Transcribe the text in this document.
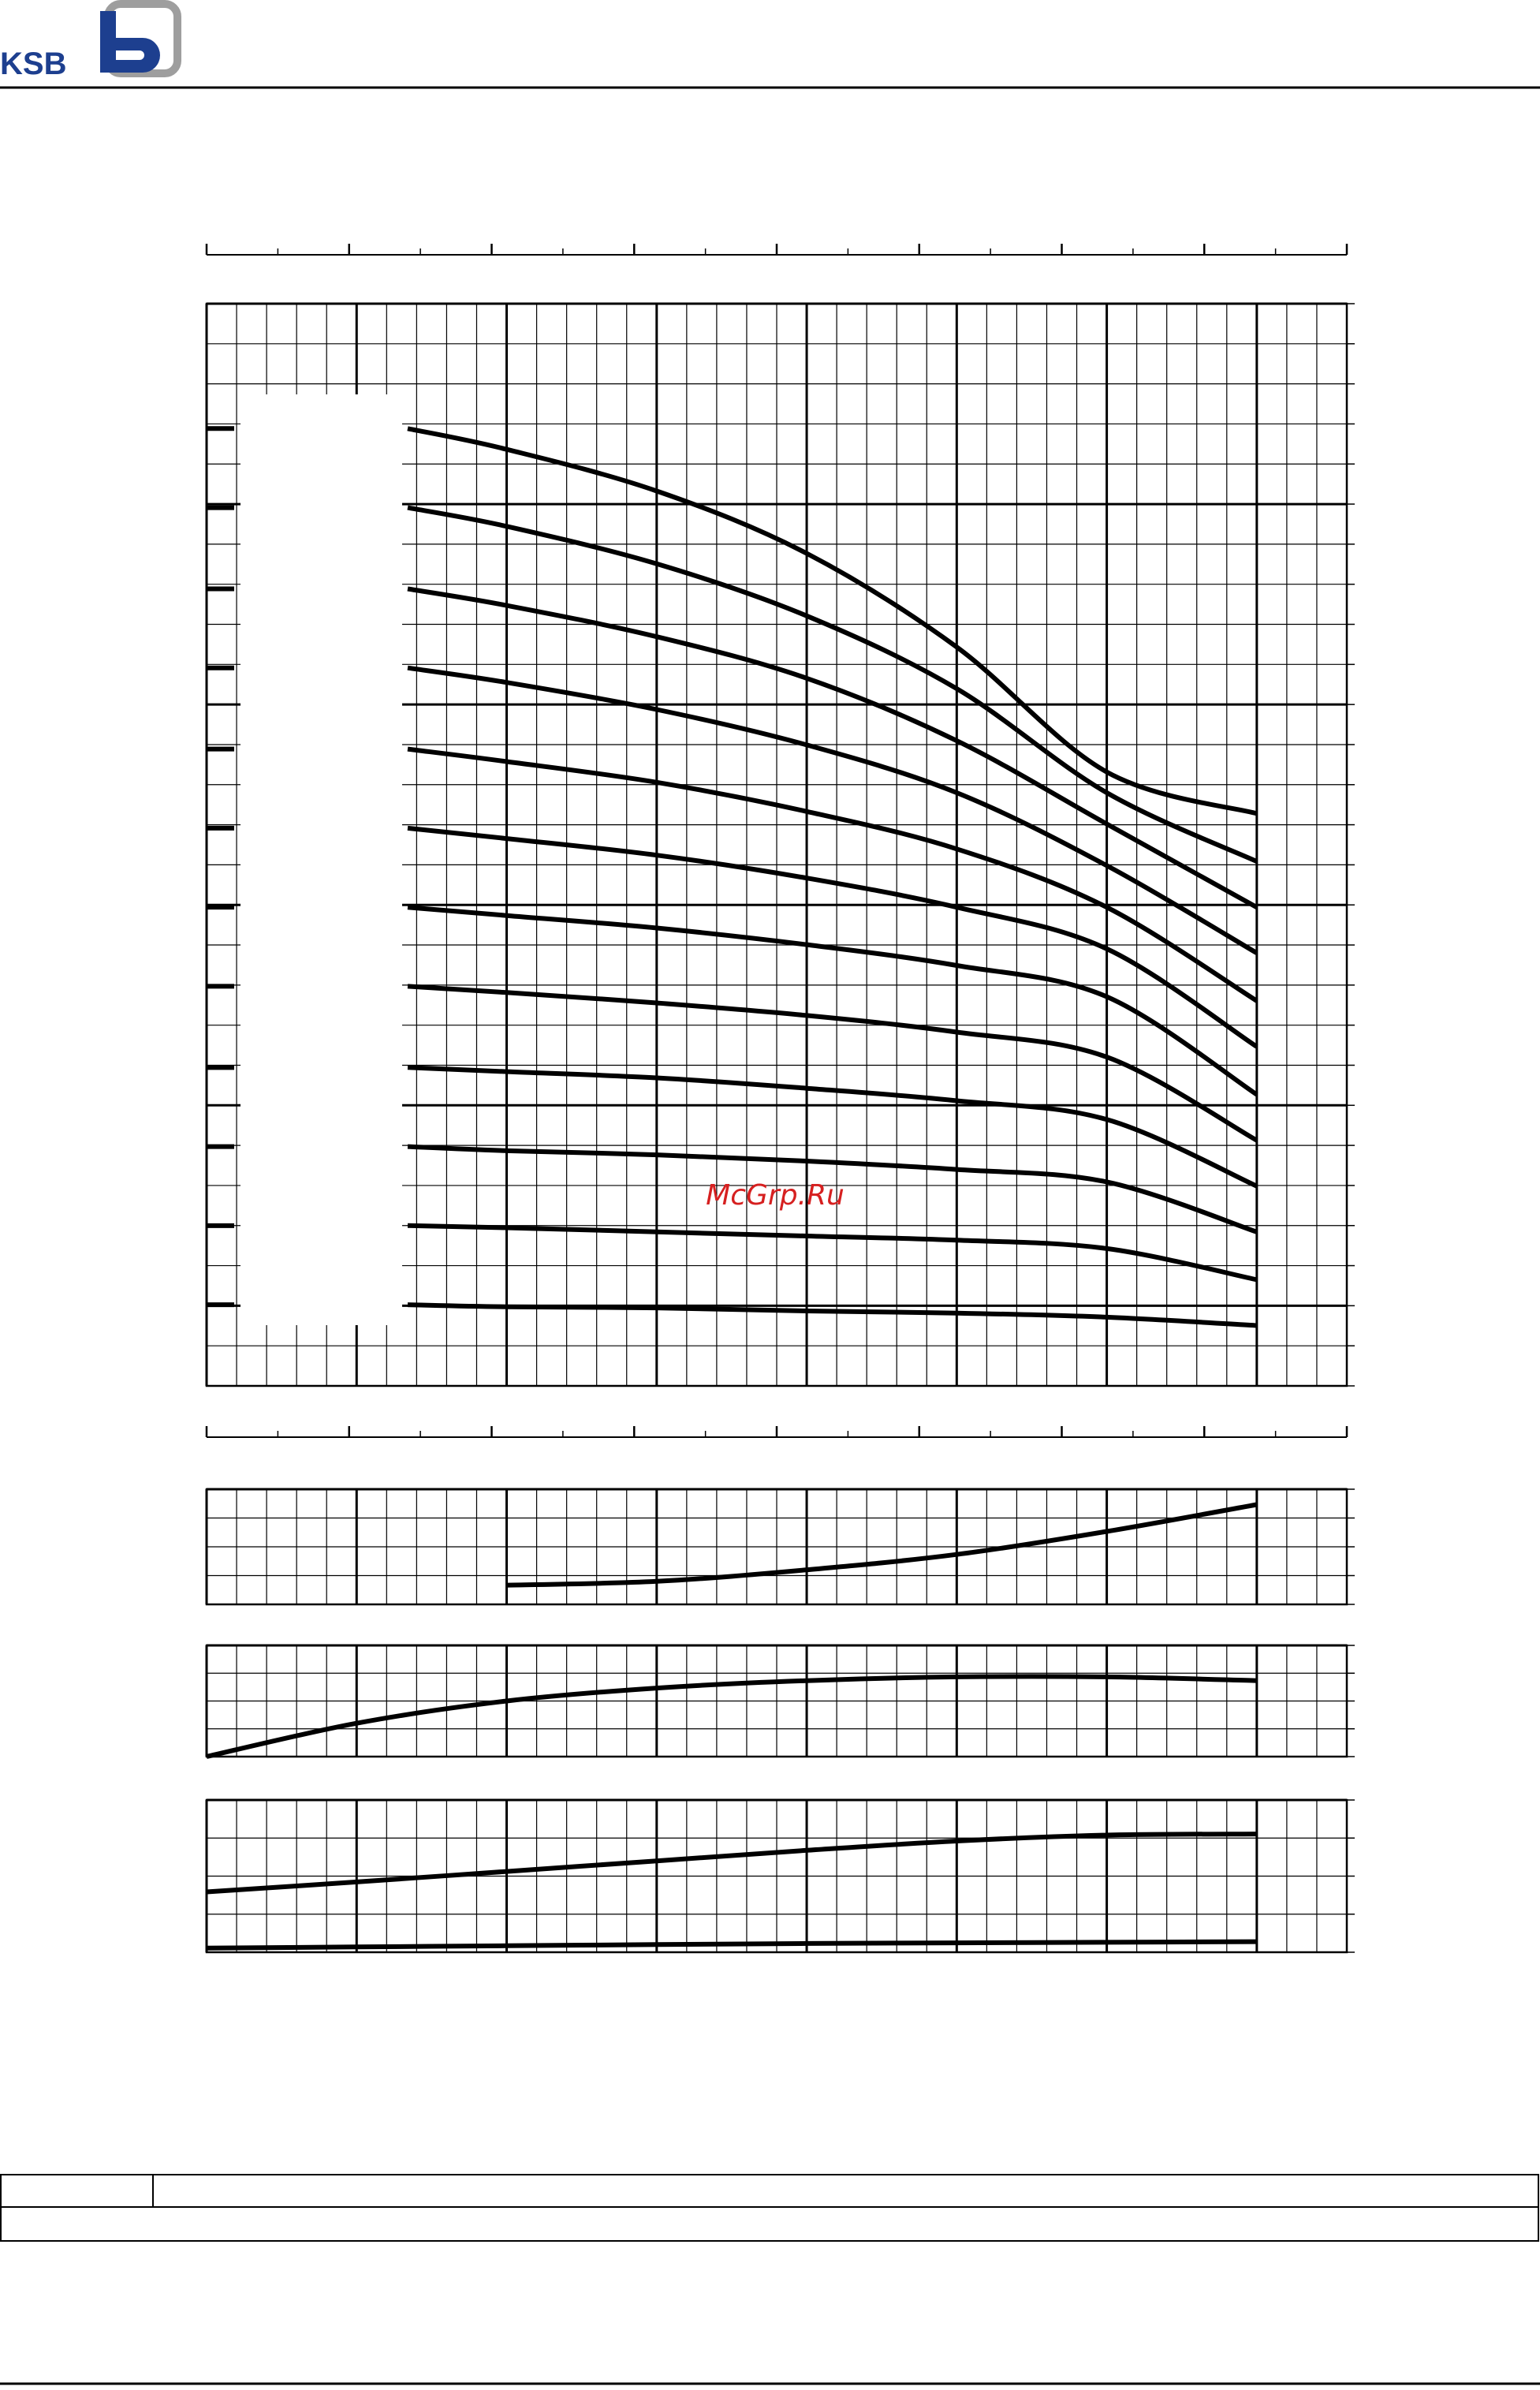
KSB
McGrp.Ru
